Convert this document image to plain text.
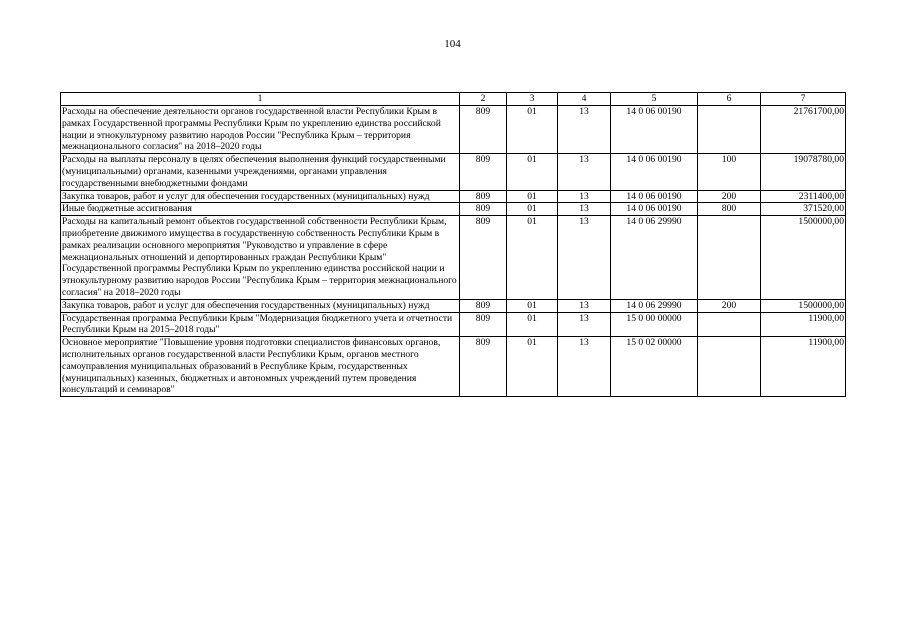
104
1	2	3	4	5	6	7
Расходы на обеспечение деятельности органов государственной власти Республики Крым в рамках Государственной программы Республики Крым по укреплению единства российской нации и этнокультурному развитию народов России "Республика Крым – территория межнационального согласия" на 2018–2020 годы	809	01	13	14 0 06 00190		21761700,00
Расходы на выплаты персоналу в целях обеспечения выполнения функций государственными (муниципальными) органами, казенными учреждениями, органами управления государственными внебюджетными фондами	809	01	13	14 0 06 00190	100	19078780,00
Закупка товаров, работ и услуг для обеспечения государственных (муниципальных) нужд	809	01	13	14 0 06 00190	200	2311400,00
Иные бюджетные ассигнования	809	01	13	14 0 06 00190	800	371520,00
Расходы на капитальный ремонт объектов государственной собственности Республики Крым, приобретение движимого имущества в государственную собственность Республики Крым в рамках реализации основного мероприятия "Руководство и управление в сфере межнациональных отношений и депортированных граждан Республики Крым" Государственной программы Республики Крым по укреплению единства российской нации и этнокультурному развитию народов России "Республика Крым – территория межнационального согласия" на 2018–2020 годы	809	01	13	14 0 06 29990		1500000,00
Закупка товаров, работ и услуг для обеспечения государственных (муниципальных) нужд	809	01	13	14 0 06 29990	200	1500000,00
Государственная программа Республики Крым "Модернизация бюджетного учета и отчетности Республики Крым на 2015–2018 годы"	809	01	13	15 0 00 00000		11900,00
Основное мероприятие "Повышение уровня подготовки специалистов финансовых органов, исполнительных органов государственной власти Республики Крым, органов местного самоуправления муниципальных образований в Республике Крым, государственных (муниципальных) казенных, бюджетных и автономных учреждений путем проведения консультаций и семинаров"	809	01	13	15 0 02 00000		11900,00
